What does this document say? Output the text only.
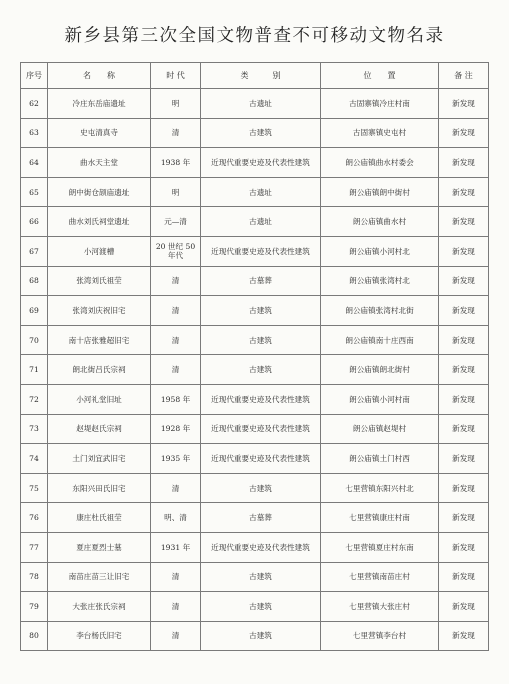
新乡县第三次全国文物普查不可移动文物名录
序号	名　　称	时 代	类　　　别	位　　置	备 注
62	冷庄东岳庙遗址	明	古遗址	古固寨镇冷庄村南	新发现
63	史屯清真寺	清	古建筑	古固寨镇史屯村	新发现
64	曲水天主堂	1938 年	近现代重要史迹及代表性建筑	朗公庙镇曲水村委会	新发现
65	朗中街仓颉庙遗址	明	古遗址	朗公庙镇朗中街村	新发现
66	曲水刘氏祠堂遗址	元—清	古遗址	朗公庙镇曲水村	新发现
67	小河渡槽	20 世纪 50 年代	近现代重要史迹及代表性建筑	朗公庙镇小河村北	新发现
68	张湾刘氏祖茔	清	古墓葬	朗公庙镇张湾村北	新发现
69	张湾刘庆祝旧宅	清	古建筑	朗公庙镇张湾村北街	新发现
70	南十店张雅超旧宅	清	古建筑	朗公庙镇南十庄西南	新发现
71	朗北街吕氏宗祠	清	古建筑	朗公庙镇朗北街村	新发现
72	小河礼堂旧址	1958 年	近现代重要史迹及代表性建筑	朗公庙镇小河村南	新发现
73	赵堤赵氏宗祠	1928 年	近现代重要史迹及代表性建筑	朗公庙镇赵堤村	新发现
74	土门刘宜武旧宅	1935 年	近现代重要史迹及代表性建筑	朗公庙镇土门村西	新发现
75	东阳兴田氏旧宅	清	古建筑	七里营镇东阳兴村北	新发现
76	康庄杜氏祖茔	明、清	古墓葬	七里营镇康庄村南	新发现
77	夏庄夏烈士墓	1931 年	近现代重要史迹及代表性建筑	七里营镇夏庄村东南	新发现
78	南苗庄苗三让旧宅	清	古建筑	七里营镇南苗庄村	新发现
79	大张庄张氏宗祠	清	古建筑	七里营镇大张庄村	新发现
80	李台杨氏旧宅	清	古建筑	七里营镇李台村	新发现
